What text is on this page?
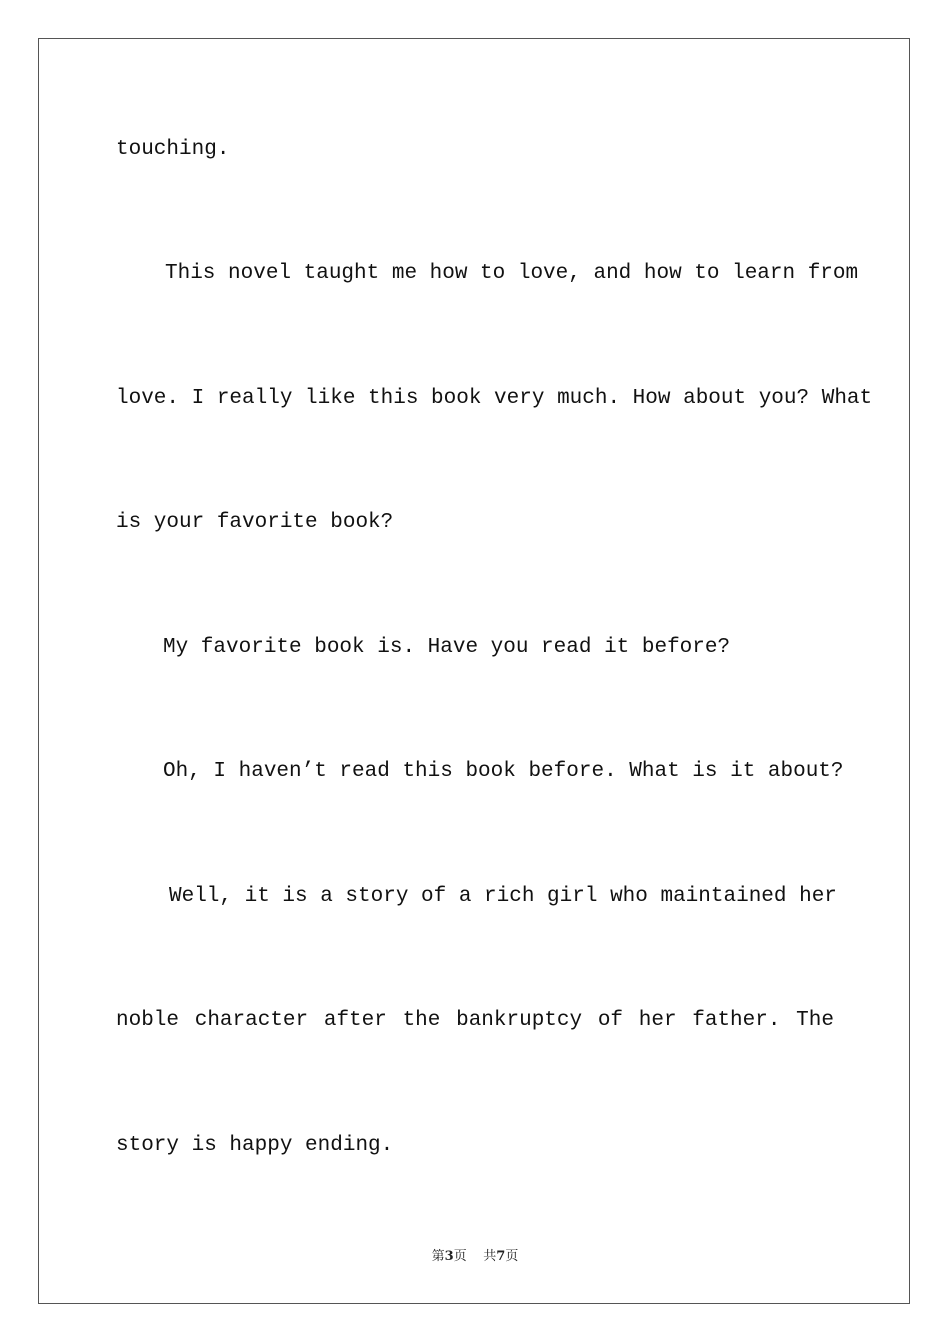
touching.
This novel taught me how to love, and how to learn from
love. I really like this book very much. How about you? What
is your favorite book?
My favorite book is. Have you read it before?
Oh, I haven’t read this book before. What is it about?
Well, it is a story of a rich girl who maintained her
noble character after the bankruptcy of her father. The
story is happy ending.
第3页 共7页
